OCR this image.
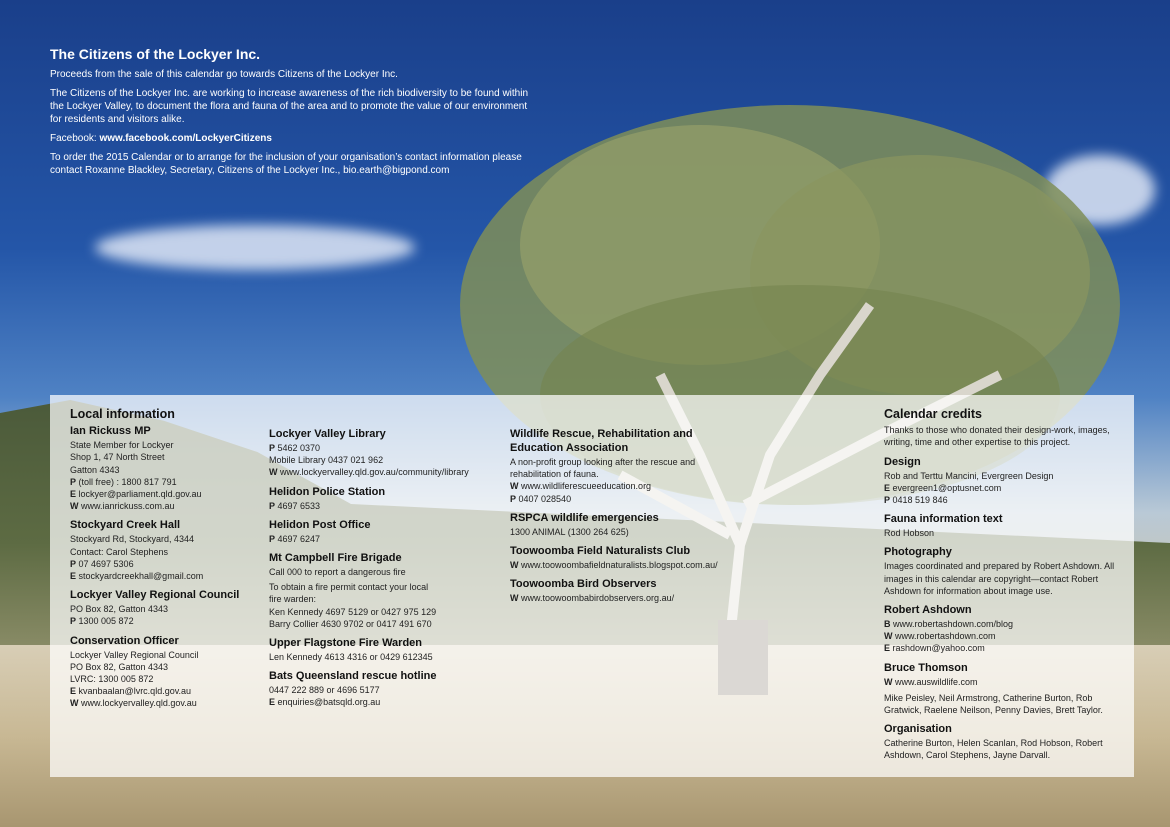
The Citizens of the Lockyer Inc.

Proceeds from the sale of this calendar go towards Citizens of the Lockyer Inc.

The Citizens of the Lockyer Inc. are working to increase awareness of the rich biodiversity to be found within the Lockyer Valley, to document the flora and fauna of the area and to promote the value of our environment for residents and visitors alike.

Facebook: www.facebook.com/LockyerCitizens

To order the 2015 Calendar or to arrange for the inclusion of your organisation’s contact information please contact Roxanne Blackley, Secretary, Citizens of the Lockyer Inc., bio.earth@bigpond.com

Local information
Ian Rickuss MP
State Member for Lockyer
Shop 1, 47 North Street
Gatton 4343
P (toll free) : 1800 817 791
E lockyer@parliament.qld.gov.au
W www.ianrickuss.com.au
Stockyard Creek Hall
Stockyard Rd, Stockyard, 4344
Contact: Carol Stephens
P 07 4697 5306
E stockyardcreekhall@gmail.com
Lockyer Valley Regional Council
PO Box 82, Gatton 4343
P 1300 005 872
Conservation Officer
Lockyer Valley Regional Council
PO Box 82, Gatton 4343
LVRC: 1300 005 872
E kvanbaalan@lvrc.qld.gov.au
W www.lockyervalley.qld.gov.au
Lockyer Valley Library
P 5462 0370
Mobile Library 0437 021 962
W www.lockyervalley.qld.gov.au/community/library
Helidon Police Station
P 4697 6533
Helidon Post Office
P 4697 6247
Mt Campbell Fire Brigade
Call 000 to report a dangerous fire
To obtain a fire permit contact your local fire warden:
Ken Kennedy 4697 5129 or 0427 975 129
Barry Collier 4630 9702 or 0417 491 670
Upper Flagstone Fire Warden
Len Kennedy 4613 4316 or 0429 612345
Bats Queensland rescue hotline
0447 222 889 or 4696 5177
E enquiries@batsqld.org.au
Wildlife Rescue, Rehabilitation and Education Association
A non-profit group looking after the rescue and rehabilitation of fauna.
W www.wildliferescueeducation.org
P 0407 028540
RSPCA wildlife emergencies
1300 ANIMAL (1300 264 625)
Toowoomba Field Naturalists Club
W www.toowoombafieldnaturalists.blogspot.com.au/
Toowoomba Bird Observers
W www.toowoombabirdobservers.org.au/
Calendar credits
Thanks to those who donated their design-work, images, writing, time and other expertise to this project.
Design
Rob and Terttu Mancini, Evergreen Design
E evergreen1@optusnet.com
P 0418 519 846
Fauna information text
Rod Hobson
Photography
Images coordinated and prepared by Robert Ashdown. All images in this calendar are copyright—contact Robert Ashdown for information about image use.
Robert Ashdown
B www.robertashdown.com/blog
W www.robertashdown.com
E rashdown@yahoo.com
Bruce Thomson
W www.auswildlife.com
Mike Peisley, Neil Armstrong, Catherine Burton, Rob Gratwick, Raelene Neilson, Penny Davies, Brett Taylor.
Organisation
Catherine Burton, Helen Scanlan, Rod Hobson, Robert Ashdown, Carol Stephens, Jayne Darvall.
